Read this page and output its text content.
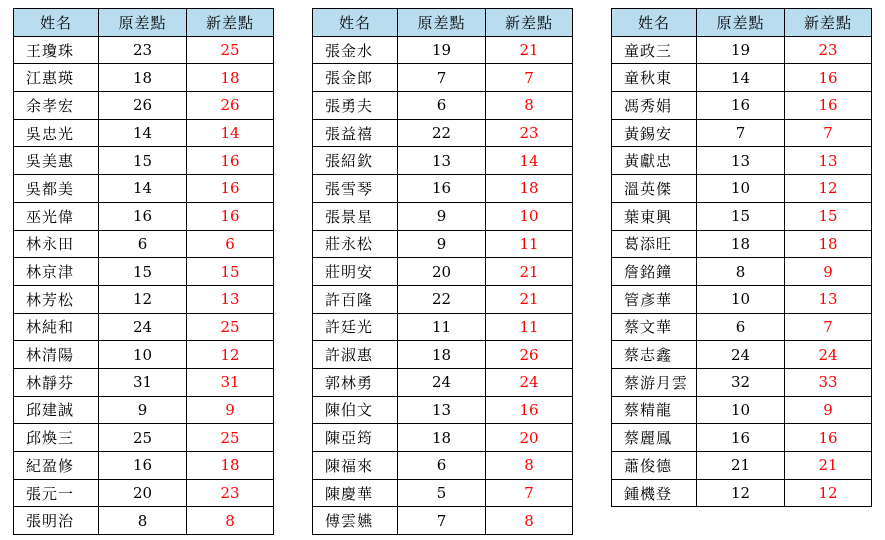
姓名	原差點	新差點
王瓊珠	23	25
江惠瑛	18	18
余孝宏	26	26
吳忠光	14	14
吳美惠	15	16
吳都美	14	16
巫光偉	16	16
林永田	6	6
林京津	15	15
林芳松	12	13
林純和	24	25
林清陽	10	12
林靜芬	31	31
邱建誠	9	9
邱煥三	25	25
紀盈修	16	18
張元一	20	23
張明治	8	8
姓名	原差點	新差點
張金水	19	21
張金郎	7	7
張勇夫	6	8
張益禧	22	23
張紹欽	13	14
張雪琴	16	18
張景星	9	10
莊永松	9	11
莊明安	20	21
許百隆	22	21
許廷光	11	11
許淑惠	18	26
郭林勇	24	24
陳伯文	13	16
陳亞筠	18	20
陳福來	6	8
陳慶華	5	7
傅雲嬿	7	8
姓名	原差點	新差點
童政三	19	23
童秋東	14	16
馮秀娟	16	16
黃錫安	7	7
黃獻忠	13	13
溫英傑	10	12
葉東興	15	15
葛添旺	18	18
詹銘鐘	8	9
管彥華	10	13
蔡文華	6	7
蔡志鑫	24	24
蔡游月雲	32	33
蔡精龍	10	9
蔡麗鳳	16	16
蕭俊德	21	21
鍾機登	12	12
